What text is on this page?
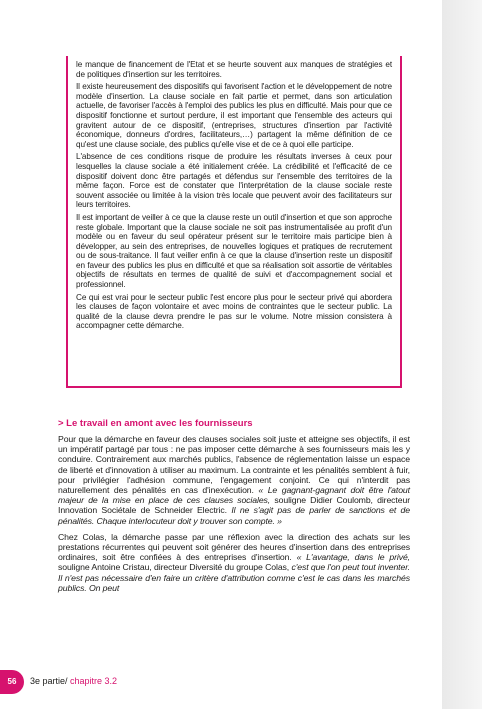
le manque de financement de l'Etat et se heurte souvent aux manques de stratégies et de politiques d'insertion sur les territoires.

Il existe heureusement des dispositifs qui favorisent l'action et le développement de notre modèle d'insertion. La clause sociale en fait partie et permet, dans son articulation actuelle, de favoriser l'accès à l'emploi des publics les plus en difficulté. Mais pour que ce dispositif fonctionne et surtout perdure, il est important que l'ensemble des acteurs qui gravitent autour de ce dispositif, (entreprises, structures d'insertion par l'activité économique, donneurs d'ordres, facilitateurs,…) partagent la même définition de ce qu'est une clause sociale, des publics qu'elle vise et de ce à quoi elle participe.

L'absence de ces conditions risque de produire les résultats inverses à ceux pour lesquelles la clause sociale a été initialement créée. La crédibilité et l'efficacité de ce dispositif doivent donc être partagés et défendus sur l'ensemble des territoires de la même façon. Force est de constater que l'interprétation de la clause sociale reste souvent associée ou limitée à la vision très locale que peuvent avoir des facilitateurs sur leurs territoires.

Il est important de veiller à ce que la clause reste un outil d'insertion et que son approche reste globale. Important que la clause sociale ne soit pas instrumentalisée au profit d'un modèle ou en faveur du seul opérateur présent sur le territoire mais participe bien à développer, au sein des entreprises, de nouvelles logiques et pratiques de recrutement ou de sous-traitance. Il faut veiller enfin à ce que la clause d'insertion reste un dispositif en faveur des publics les plus en difficulté et que sa réalisation soit assortie de véritables objectifs de résultats en termes de qualité de suivi et d'accompagnement social et professionnel.

Ce qui est vrai pour le secteur public l'est encore plus pour le secteur privé qui abordera les clauses de façon volontaire et avec moins de contraintes que le secteur public. La qualité de la clause devra prendre le pas sur le volume. Notre mission consistera à accompagner cette démarche.

> Le travail en amont avec les fournisseurs

Pour que la démarche en faveur des clauses sociales soit juste et atteigne ses objectifs, il est un impératif partagé par tous : ne pas imposer cette démarche à ses fournisseurs mais les y conduire. Contrairement aux marchés publics, l'absence de réglementation laisse un espace de liberté et d'innovation à utiliser au maximum. La contrainte et les pénalités semblent à fuir, pour privilégier l'adhésion commune, l'engagement conjoint. Ce qui n'interdit pas naturellement des pénalités en cas d'inexécution. « Le gagnant-gagnant doit être l'atout majeur de la mise en place de ces clauses sociales, souligne Didier Coulomb, directeur Innovation Sociétale de Schneider Electric. Il ne s'agit pas de parler de sanctions et de pénalités. Chaque interlocuteur doit y trouver son compte. »

Chez Colas, la démarche passe par une réflexion avec la direction des achats sur les prestations récurrentes qui peuvent soit générer des heures d'insertion dans des entreprises ordinaires, soit être confiées à des entreprises d'insertion. « L'avantage, dans le privé, souligne Antoine Cristau, directeur Diversité du groupe Colas, c'est que l'on peut tout inventer. Il n'est pas nécessaire d'en faire un critère d'attribution comme c'est le cas dans les marchés publics. On peut

56	3e partie/ chapitre 3.2
